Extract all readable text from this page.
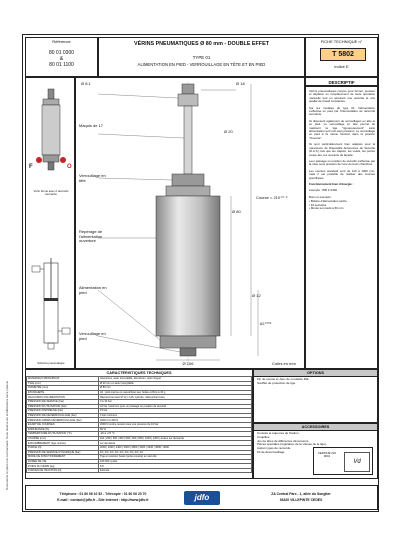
Documents et plans non contractuels. Sous réserve de modifications sans préavis.
Référence
80 01 0300
&
80 01 1100
VÉRINS PNEUMATIQUES Ø 80 mm - DOUBLE EFFET
TYPE 01
ALIMENTATION EN PIED - VERROUILLAGE EN TÊTE ET EN PIED
FICHE TECHNIQUE n°
T 5802
indice E
DESCRIPTIF

Vérins pneumatiques conçus pour fermer, pousser et déplacer en remplacement de toute opération manuelle tout en assurant une sécurité et une qualité de travail constantes.

Sur les modèles de type 01, l'alimentation s'effectue en pied par l'intermédiaire de raccords tournants.

Ils disposent également de verrouillages en tête et en pied. Le verrouillage en tête permet de maintenir la tige "rigoureusement" sans alimentation qu'il soit sous pression. Le verrouillage en pied à la même fonction dans la position "Ouverte".

Ils sont particulièrement bien adaptés pour la manœuvre de Dispositifs Autonomes de Sécurité (D.A.S.) tels que les clapets, les volets, les portes coupe-feu, les ouvrants de façade.

Leur passage en position de sécurité s'effectue par la mise sous pression de l'une de leurs chambres.

Les courses standard sont de 110 à 1300 mm, mais il est possible de réaliser des courses spécifiques.

Fonctionnement bien d'énergie :

exemple : 800 F 0300

Bons et exemple :

• Bobine d'alimentation sèche

• Fil sectorisé

• Monté sur pieds à 60 mm

F	O
Vérin fermé avec 2 raccords tournants
Schéma pneumatique
Ø 8.1	Ø 18
Maquis de 17
Verrouillage en tête
Repérage de l'alimentation ouverture
Alimentation en pied
Verrouillage en pied
Course = 210⁺⁰⁻²
Ø 20
Ø 80
Ø 12
62⁺⁰⁰⁵
Ø 106	Cotes en mm
CARACTÉRISTIQUES TECHNIQUES
MATÉRIAUX PRINCIPAUX	Aluminium, acier inoxydable, aluminium, acier zingué
TIGE (mm)	Ø 20 mm en acier inoxydable
DIAMÈTRE (mm)	Ø 80 mm
ÉTANCHÉITÉ	Air : joint interne en caoutchouc aux huiles et fibre à 40 g
RACCORDS D'ALIMENTATION	Raccord tournant M 12 x 125, cylindre, débouchant lisse
PRESSION DE SERVICE (bar)	3 à 10 bar
PRESSION D'UTILISATION (bar)	10 bar maximum pour un passage en position de sécurité
PRESSION D'ÉPREUVE (bar)	15 bar
PRESSION DE DÉVERROUILLAGE (bar)	3 bar minimum
PRESSION APRÈS DÉVERROUILLAGE (bar)	2000 N à 400 N
ÉCART DE COURSES	2000 N contre ressort sous une pression de 10 bar
ENDURANCE (%)	60 %
TEMPÉRATURE D'UTILISATION (°C)	-20 à +70 °C
COURSE (mm)	110 | 200 | 300 | 400 | 500 | 600 | 800 | 1000 | 1200 | Autres sur demande
ENCOMBREMENT (tige rentrée)	sur demande
FORCE (N)	2000 | 2200 | 2400 | 2600 | 2800 | 3000 | 3200 | 3500 | 4000
PRESSION DE SERVICE DYNAMIQUE (bar)	10 | 10 | 10 | 10 | 10 | 10 | 10 | 10 | 10
MODE DE FONCTIONNEMENT	Tige en position haute (porte ouverte) en sécurité
DURÉE DE VIE	100 000 cycles
POIDS DU VÉRIN (kg)	5.8
FORCES DE TRACTION (N)	Estimée
OPTIONS
Fin de course et Jeux de rondelles R4L
Soufflet de protection de tige.
ACCESSOIRES
Console et équerres de fixation.
Coquilles.
Jeu de têtes de différentes dimensions.
Pièces spéciales (régulation de la vitesse de la tige).
Autres types de raccords.
Kit de déverrouillage.	CERTIFIÉ ISO 9001
Vd
Téléphone : 01 60 06 10 52 - Télécopie : 01 60 06 20 70
E-mail : contact@jdfo.fr - Site internet : http://www.jdfo.fr	jdfo	ZA Central Parc - 1, allée du Songtier
93420 VILLEPINTE CEDEX
